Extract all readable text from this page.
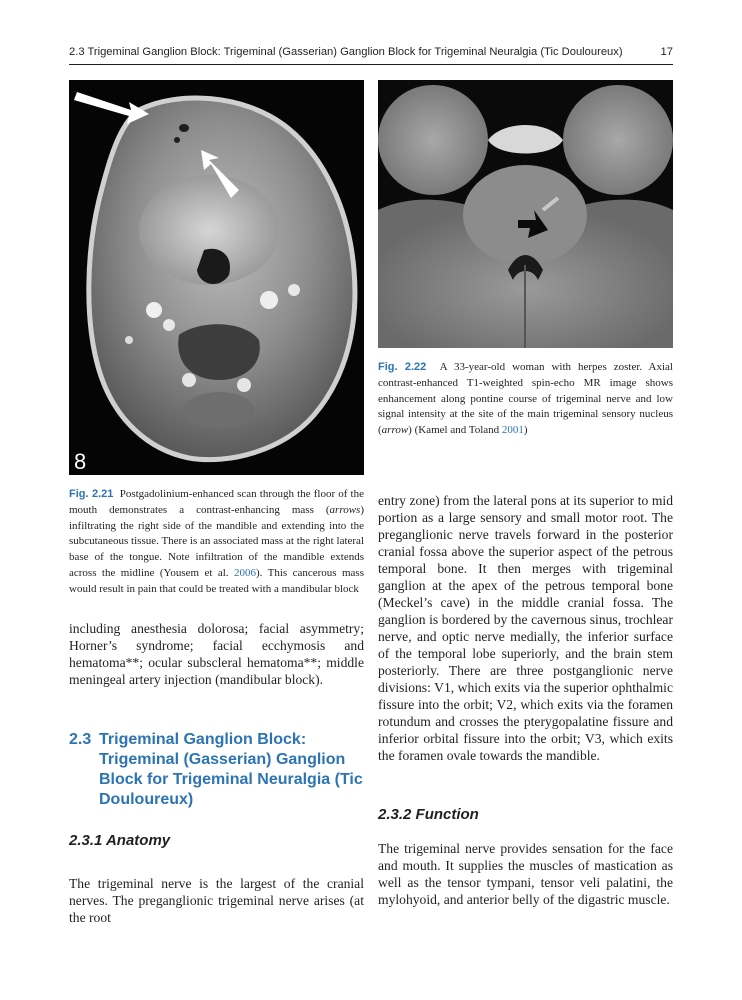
2.3 Trigeminal Ganglion Block: Trigeminal (Gasserian) Ganglion Block for Trigeminal Neuralgia (Tic Douloureux)	17
8
Fig. 2.21 Postgadolinium-enhanced scan through the floor of the mouth demonstrates a contrast-enhancing mass (arrows) infiltrating the right side of the mandible and extending into the subcutaneous tissue. There is an associated mass at the right lateral base of the tongue. Note infiltration of the mandible extends across the midline (Yousem et al. 2006). This cancerous mass would result in pain that could be treated with a mandibular block
Fig. 2.22 A 33-year-old woman with herpes zoster. Axial contrast-enhanced T1-weighted spin-echo MR image shows enhancement along pontine course of trigeminal nerve and low signal intensity at the site of the main trigeminal sensory nucleus (arrow) (Kamel and Toland 2001)
including anesthesia dolorosa; facial asymmetry; Horner’s syndrome; facial ecchymosis and hematoma**; ocular subscleral hematoma**; middle meningeal artery injection (mandibular block).
2.3 Trigeminal Ganglion Block: Trigeminal (Gasserian) Ganglion Block for Trigeminal Neuralgia (Tic Douloureux)
2.3.1 Anatomy
The trigeminal nerve is the largest of the cranial nerves. The preganglionic trigeminal nerve arises (at the root
entry zone) from the lateral pons at its superior to mid portion as a large sensory and small motor root. The preganglionic nerve travels forward in the posterior cranial fossa above the superior aspect of the petrous temporal bone. It then merges with trigeminal ganglion at the apex of the petrous temporal bone (Meckel’s cave) in the middle cranial fossa. The ganglion is bordered by the cavernous sinus, trochlear nerve, and optic nerve medially, the inferior surface of the temporal lobe superiorly, and the brain stem posteriorly. There are three postganglionic nerve divisions: V1, which exits via the superior ophthalmic fissure into the orbit; V2, which exits via the foramen rotundum and crosses the pterygopalatine fissure and inferior orbital fissure into the orbit; V3, which exits the foramen ovale towards the mandible.
2.3.2 Function
The trigeminal nerve provides sensation for the face and mouth. It supplies the muscles of mastication as well as the tensor tympani, tensor veli palatini, the mylohyoid, and anterior belly of the digastric muscle.
